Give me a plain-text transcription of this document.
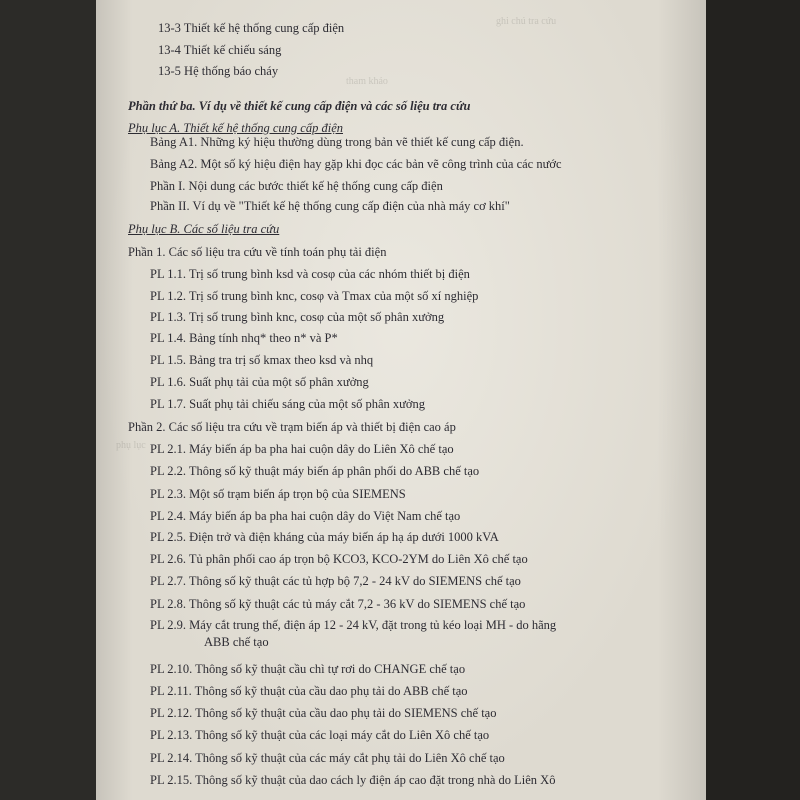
ghi chú tra cứu
tham khảo
phụ lục
13-3 Thiết kế hệ thống cung cấp điện
13-4 Thiết kế chiếu sáng
13-5 Hệ thống báo cháy
Phần thứ ba. Ví dụ về thiết kế cung cấp điện và các số liệu tra cứu
Phụ lục A. Thiết kế hệ thống cung cấp điện
Bảng A1. Những ký hiệu thường dùng trong bản vẽ thiết kế cung cấp điện.
Bảng A2. Một số ký hiệu điện hay gặp khi đọc các bản vẽ công trình của các nước
Phần I. Nội dung các bước thiết kế hệ thống cung cấp điện
Phần II. Ví dụ về "Thiết kế hệ thống cung cấp điện của nhà máy cơ khí"
Phụ lục B. Các số liệu tra cứu
Phần 1. Các số liệu tra cứu về tính toán phụ tải điện
PL 1.1. Trị số trung bình ksd và cosφ của các nhóm thiết bị điện
PL 1.2. Trị số trung bình knc, cosφ và Tmax của một số xí nghiệp
PL 1.3. Trị số trung bình knc, cosφ của một số phân xưởng
PL 1.4. Bảng tính nhq* theo n* và P*
PL 1.5. Bảng tra trị số kmax theo ksd và nhq
PL 1.6. Suất phụ tải của một số phân xưởng
PL 1.7. Suất phụ tải chiếu sáng của một số phân xưởng
Phần 2. Các số liệu tra cứu về trạm biến áp và thiết bị điện cao áp
PL 2.1. Máy biến áp ba pha hai cuộn dây do Liên Xô chế tạo
PL 2.2. Thông số kỹ thuật máy biến áp phân phối do ABB chế tạo
PL 2.3. Một số trạm biến áp trọn bộ của SIEMENS
PL 2.4. Máy biến áp ba pha hai cuộn dây do Việt Nam chế tạo
PL 2.5. Điện trở và điện kháng của máy biến áp hạ áp dưới 1000 kVA
PL 2.6. Tủ phân phối cao áp trọn bộ KCO3, KCO-2YM do Liên Xô chế tạo
PL 2.7. Thông số kỹ thuật các tủ hợp bộ 7,2 - 24 kV do SIEMENS chế tạo
PL 2.8. Thông số kỹ thuật các tủ máy cắt 7,2 - 36 kV do SIEMENS chế tạo
PL 2.9. Máy cắt trung thế, điện áp 12 - 24 kV, đặt trong tủ kéo loại MH - do hãng
ABB chế tạo
PL 2.10. Thông số kỹ thuật cầu chì tự rơi do CHANGE chế tạo
PL 2.11. Thông số kỹ thuật của cầu dao phụ tải do ABB chế tạo
PL 2.12. Thông số kỹ thuật của cầu dao phụ tải do SIEMENS chế tạo
PL 2.13. Thông số kỹ thuật của các loại máy cắt do Liên Xô chế tạo
PL 2.14. Thông số kỹ thuật của các máy cắt phụ tải do Liên Xô chế tạo
PL 2.15. Thông số kỹ thuật của dao cách ly điện áp cao đặt trong nhà do Liên Xô
